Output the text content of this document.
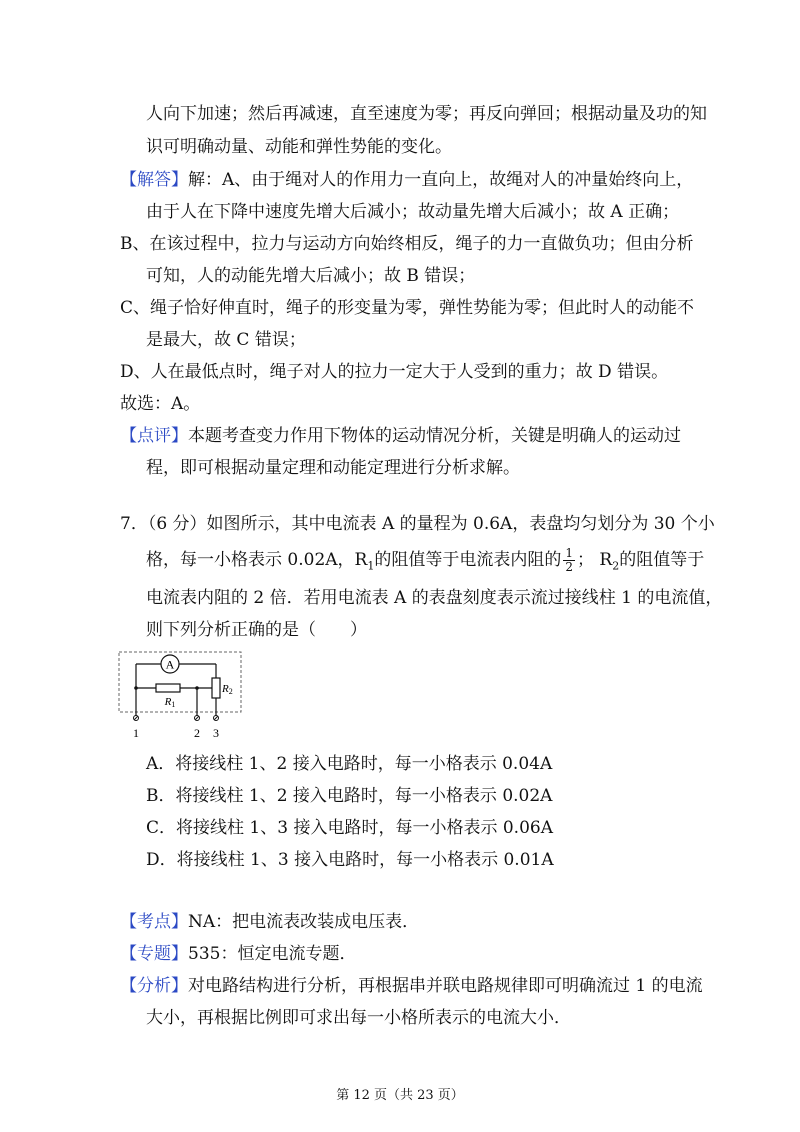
人向下加速；然后再减速，直至速度为零；再反向弹回；根据动量及功的知
识可明确动量、动能和弹性势能的变化。
【解答】解：A、由于绳对人的作用力一直向上，故绳对人的冲量始终向上，
由于人在下降中速度先增大后减小；故动量先增大后减小；故 A 正确；
B、在该过程中，拉力与运动方向始终相反，绳子的力一直做负功；但由分析
可知，人的动能先增大后减小；故 B 错误；
C、绳子恰好伸直时，绳子的形变量为零，弹性势能为零；但此时人的动能不
是最大，故 C 错误；
D、人在最低点时，绳子对人的拉力一定大于人受到的重力；故 D 错误。
故选：A。
【点评】本题考查变力作用下物体的运动情况分析，关键是明确人的运动过
程，即可根据动量定理和动能定理进行分析求解。
7．（6 分）如图所示，其中电流表 A 的量程为 0.6A，表盘均匀划分为 30 个小
格，每一小格表示 0.02A，$R_1$的阻值等于电流表内阻的 $\frac{1}{2}$ ； $R_2$的阻值等于
电流表内阻的 2 倍．若用电流表 A 的表盘刻度表示流过接线柱 1 的电流值，
则下列分析正确的是（　　）
A
R1
R2
1	2 3
A．将接线柱 1、2 接入电路时，每一小格表示 0.04A
B．将接线柱 1、2 接入电路时，每一小格表示 0.02A
C．将接线柱 1、3 接入电路时，每一小格表示 0.06A
D．将接线柱 1、3 接入电路时，每一小格表示 0.01A
【考点】NA：把电流表改装成电压表．
【专题】535：恒定电流专题．
【分析】对电路结构进行分析，再根据串并联电路规律即可明确流过 1 的电流
大小，再根据比例即可求出每一小格所表示的电流大小．
第 12 页（共 23 页）
